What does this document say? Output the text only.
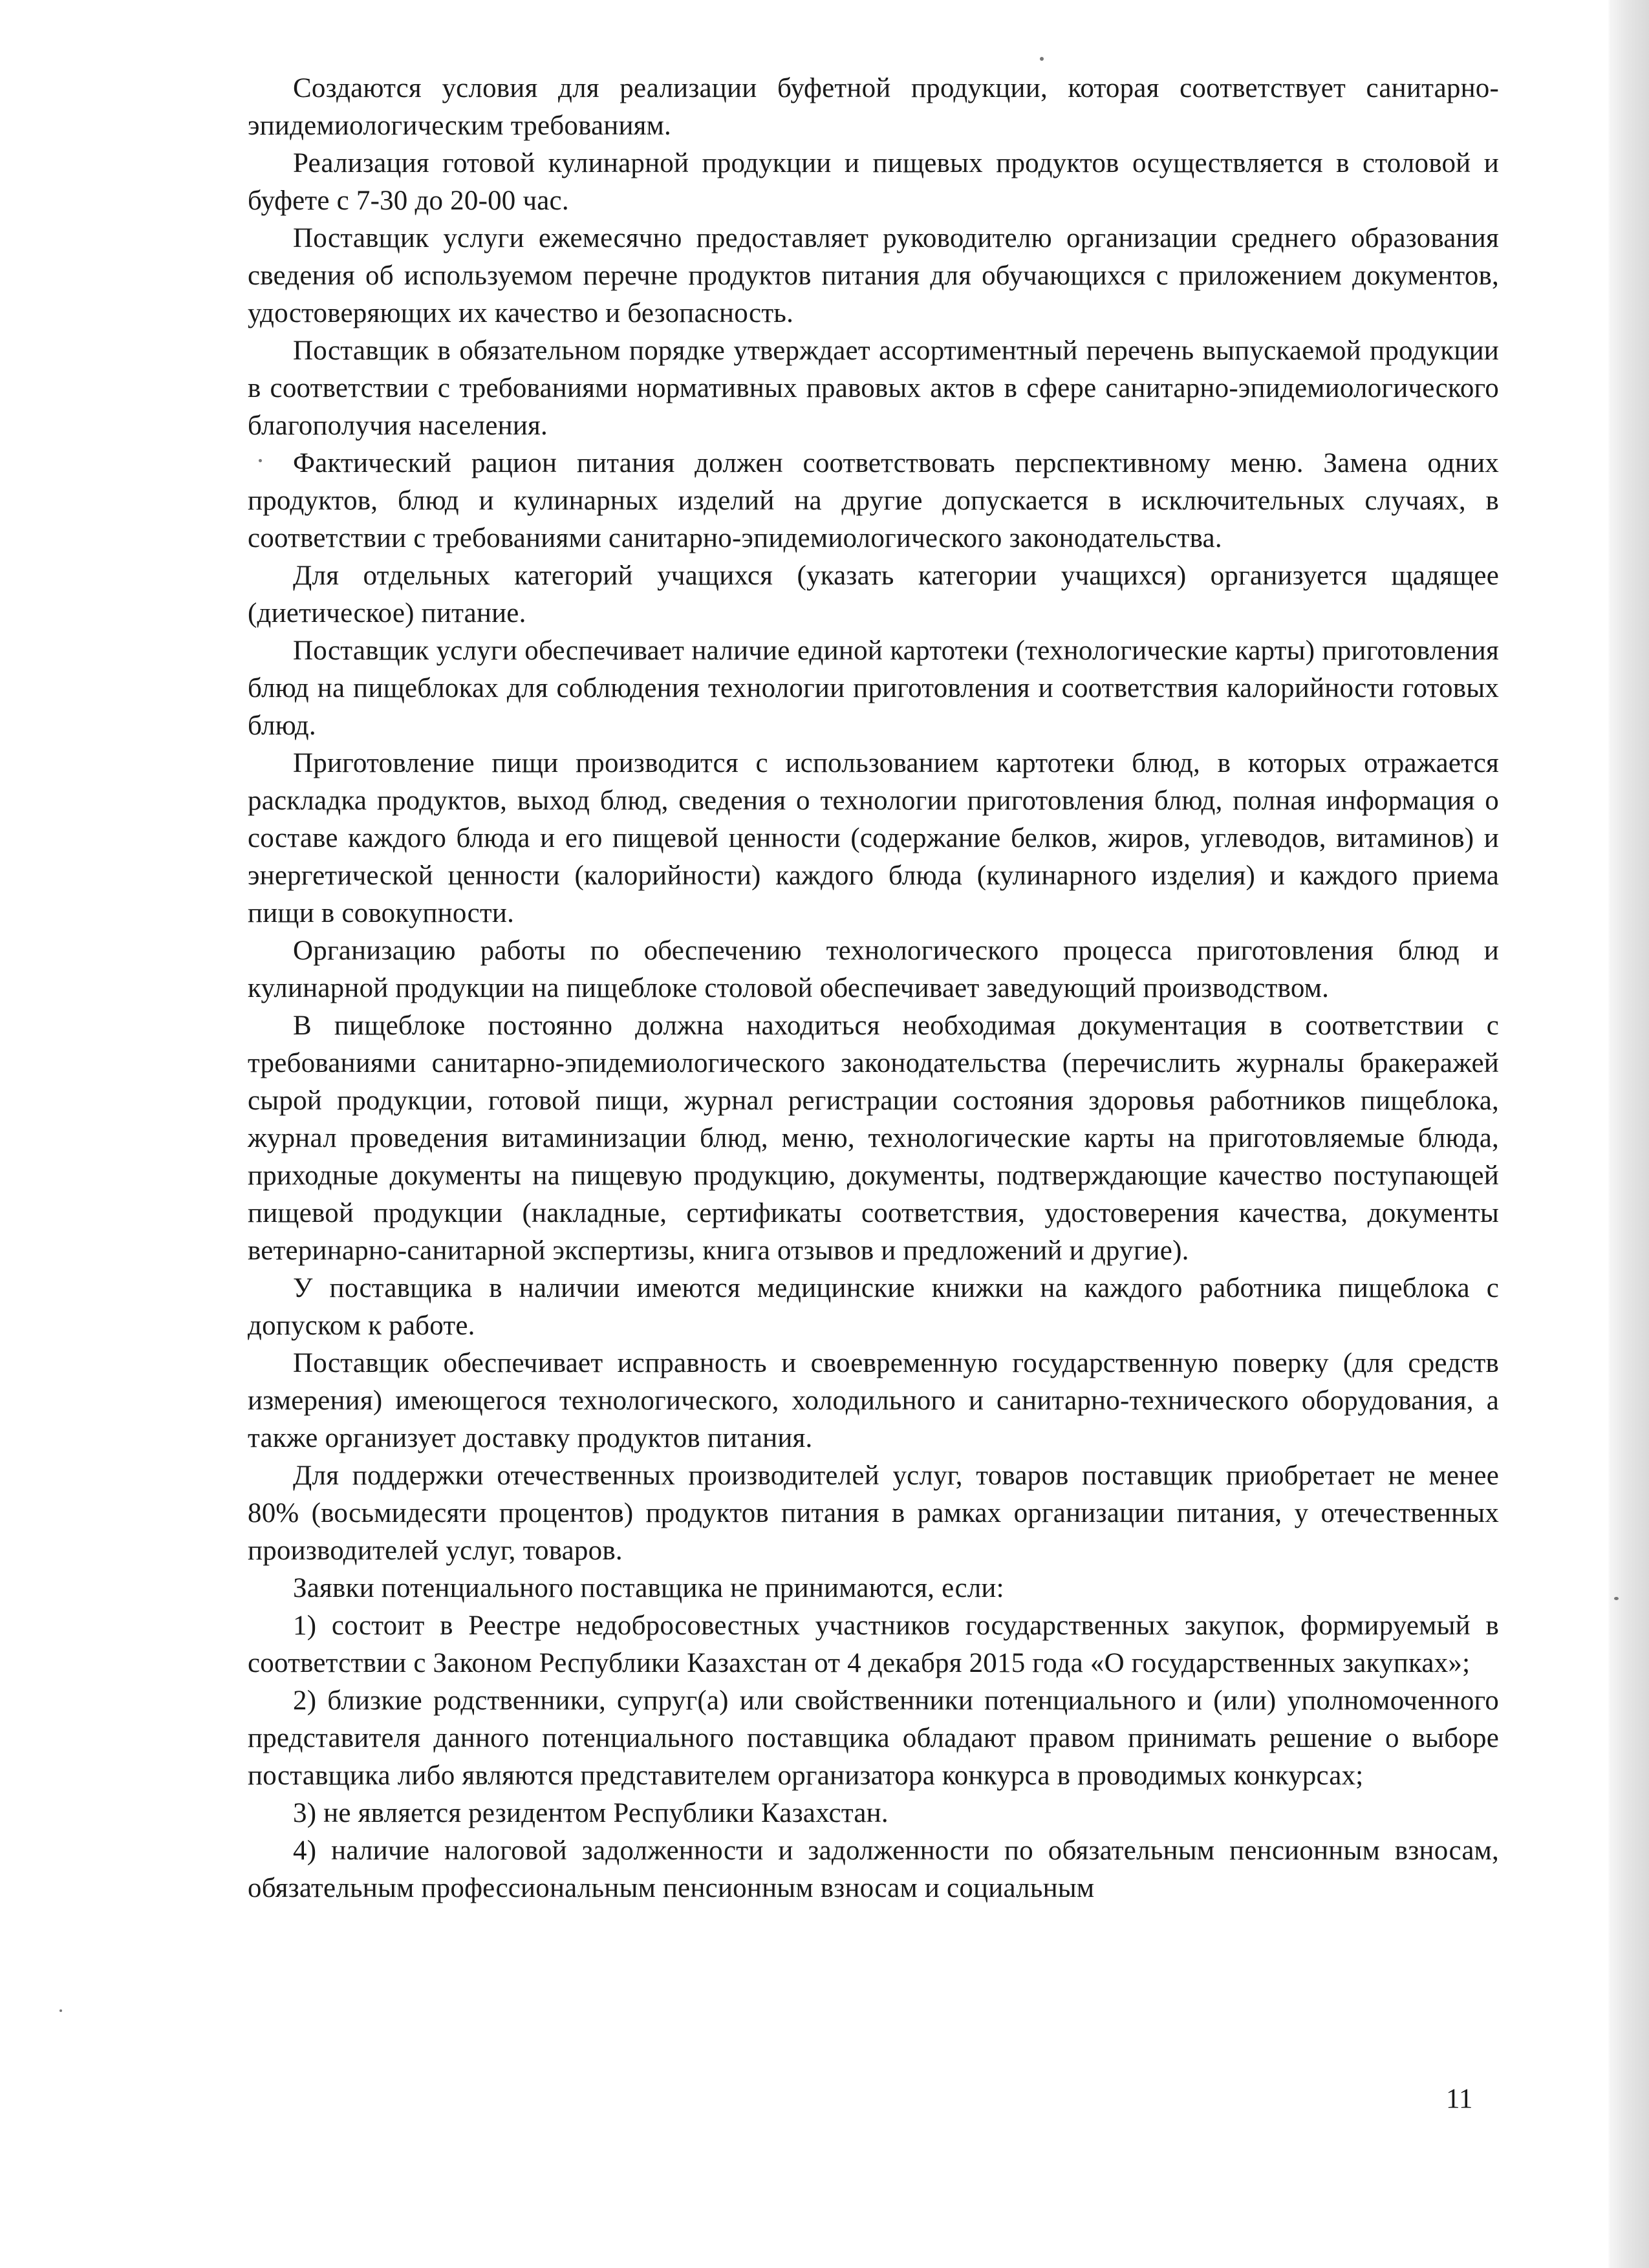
Создаются условия для реализации буфетной продукции, которая соответствует санитарно-эпидемиологическим требованиям.

Реализация готовой кулинарной продукции и пищевых продуктов осуществляется в столовой и буфете с 7-30 до 20-00 час.

Поставщик услуги ежемесячно предоставляет руководителю организации среднего образования сведения об используемом перечне продуктов питания для обучающихся с приложением документов, удостоверяющих их качество и безопасность.

Поставщик в обязательном порядке утверждает ассортиментный перечень выпускаемой продукции в соответствии с требованиями нормативных правовых актов в сфере санитарно-эпидемиологического благополучия населения.

Фактический рацион питания должен соответствовать перспективному меню. Замена одних продуктов, блюд и кулинарных изделий на другие допускается в исключительных случаях, в соответствии с требованиями санитарно-эпидемиологического законодательства.

Для отдельных категорий учащихся (указать категории учащихся) организуется щадящее (диетическое) питание.

Поставщик услуги обеспечивает наличие единой картотеки (технологические карты) приготовления блюд на пищеблоках для соблюдения технологии приготовления и соответствия калорийности готовых блюд.

Приготовление пищи производится с использованием картотеки блюд, в которых отражается раскладка продуктов, выход блюд, сведения о технологии приготовления блюд, полная информация о составе каждого блюда и его пищевой ценности (содержание белков, жиров, углеводов, витаминов) и энергетической ценности (калорийности) каждого блюда (кулинарного изделия) и каждого приема пищи в совокупности.

Организацию работы по обеспечению технологического процесса приготовления блюд и кулинарной продукции на пищеблоке столовой обеспечивает заведующий производством.

В пищеблоке постоянно должна находиться необходимая документация в соответствии с требованиями санитарно-эпидемиологического законодательства (перечислить журналы бракеражей сырой продукции, готовой пищи, журнал регистрации состояния здоровья работников пищеблока, журнал проведения витаминизации блюд, меню, технологические карты на приготовляемые блюда, приходные документы на пищевую продукцию, документы, подтверждающие качество поступающей пищевой продукции (накладные, сертификаты соответствия, удостоверения качества, документы ветеринарно-санитарной экспертизы, книга отзывов и предложений и другие).

У поставщика в наличии имеются медицинские книжки на каждого работника пищеблока с допуском к работе.

Поставщик обеспечивает исправность и своевременную государственную поверку (для средств измерения) имеющегося технологического, холодильного и санитарно-технического оборудования, а также организует доставку продуктов питания.

Для поддержки отечественных производителей услуг, товаров поставщик приобретает не менее 80% (восьмидесяти процентов) продуктов питания в рамках организации питания, у отечественных производителей услуг, товаров.

Заявки потенциального поставщика не принимаются, если:

1) состоит в Реестре недобросовестных участников государственных закупок, формируемый в соответствии с Законом Республики Казахстан от 4 декабря 2015 года «О государственных закупках»;

2) близкие родственники, супруг(а) или свойственники потенциального и (или) уполномоченного представителя данного потенциального поставщика обладают правом принимать решение о выборе поставщика либо являются представителем организатора конкурса в проводимых конкурсах;

3) не является резидентом Республики Казахстан.

4) наличие налоговой задолженности и задолженности по обязательным пенсионным взносам, обязательным профессиональным пенсионным взносам и социальным

11
